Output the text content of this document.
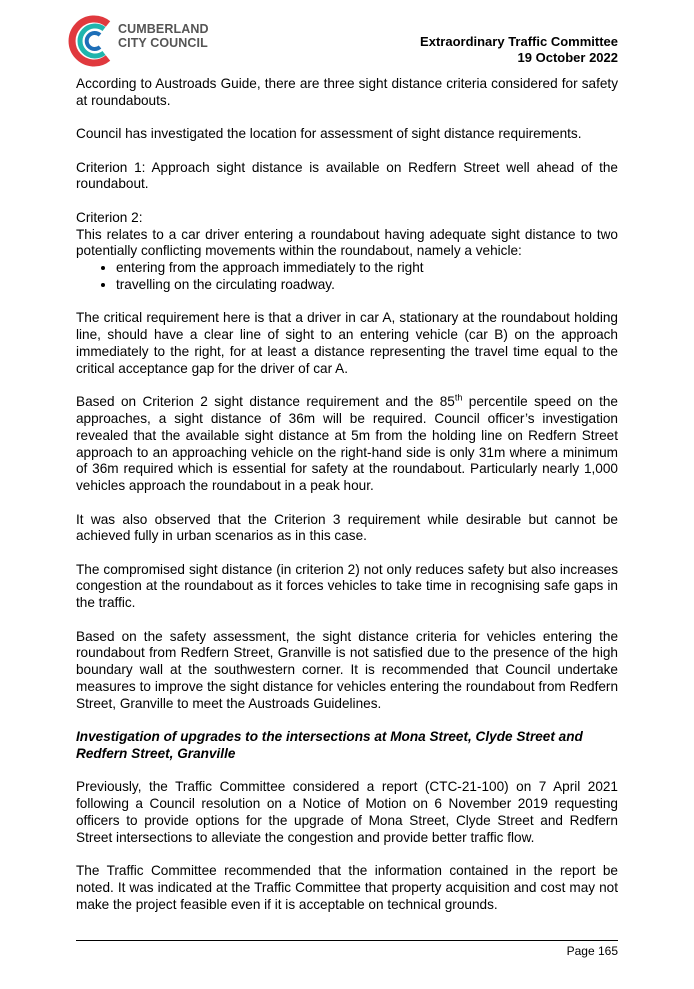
CUMBERLAND
CITY COUNCIL	Extraordinary Traffic Committee
19 October 2022

According to Austroads Guide, there are three sight distance criteria considered for safety at roundabouts.

Council has investigated the location for assessment of sight distance requirements.

Criterion 1: Approach sight distance is available on Redfern Street well ahead of the roundabout.

Criterion 2:

This relates to a car driver entering a roundabout having adequate sight distance to two potentially conflicting movements within the roundabout, namely a vehicle:

• entering from the approach immediately to the right
• travelling on the circulating roadway.

The critical requirement here is that a driver in car A, stationary at the roundabout holding line, should have a clear line of sight to an entering vehicle (car B) on the approach immediately to the right, for at least a distance representing the travel time equal to the critical acceptance gap for the driver of car A.

Based on Criterion 2 sight distance requirement and the 85th percentile speed on the approaches, a sight distance of 36m will be required. Council officer’s investigation revealed that the available sight distance at 5m from the holding line on Redfern Street approach to an approaching vehicle on the right-hand side is only 31m where a minimum of 36m required which is essential for safety at the roundabout. Particularly nearly 1,000 vehicles approach the roundabout in a peak hour.

It was also observed that the Criterion 3 requirement while desirable but cannot be achieved fully in urban scenarios as in this case.

The compromised sight distance (in criterion 2) not only reduces safety but also increases congestion at the roundabout as it forces vehicles to take time in recognising safe gaps in the traffic.

Based on the safety assessment, the sight distance criteria for vehicles entering the roundabout from Redfern Street, Granville is not satisfied due to the presence of the high boundary wall at the southwestern corner. It is recommended that Council undertake measures to improve the sight distance for vehicles entering the roundabout from Redfern Street, Granville to meet the Austroads Guidelines.

Investigation of upgrades to the intersections at Mona Street, Clyde Street and Redfern Street, Granville

Previously, the Traffic Committee considered a report (CTC-21-100) on 7 April 2021 following a Council resolution on a Notice of Motion on 6 November 2019 requesting officers to provide options for the upgrade of Mona Street, Clyde Street and Redfern Street intersections to alleviate the congestion and provide better traffic flow.

The Traffic Committee recommended that the information contained in the report be noted. It was indicated at the Traffic Committee that property acquisition and cost may not make the project feasible even if it is acceptable on technical grounds.

Page 165
